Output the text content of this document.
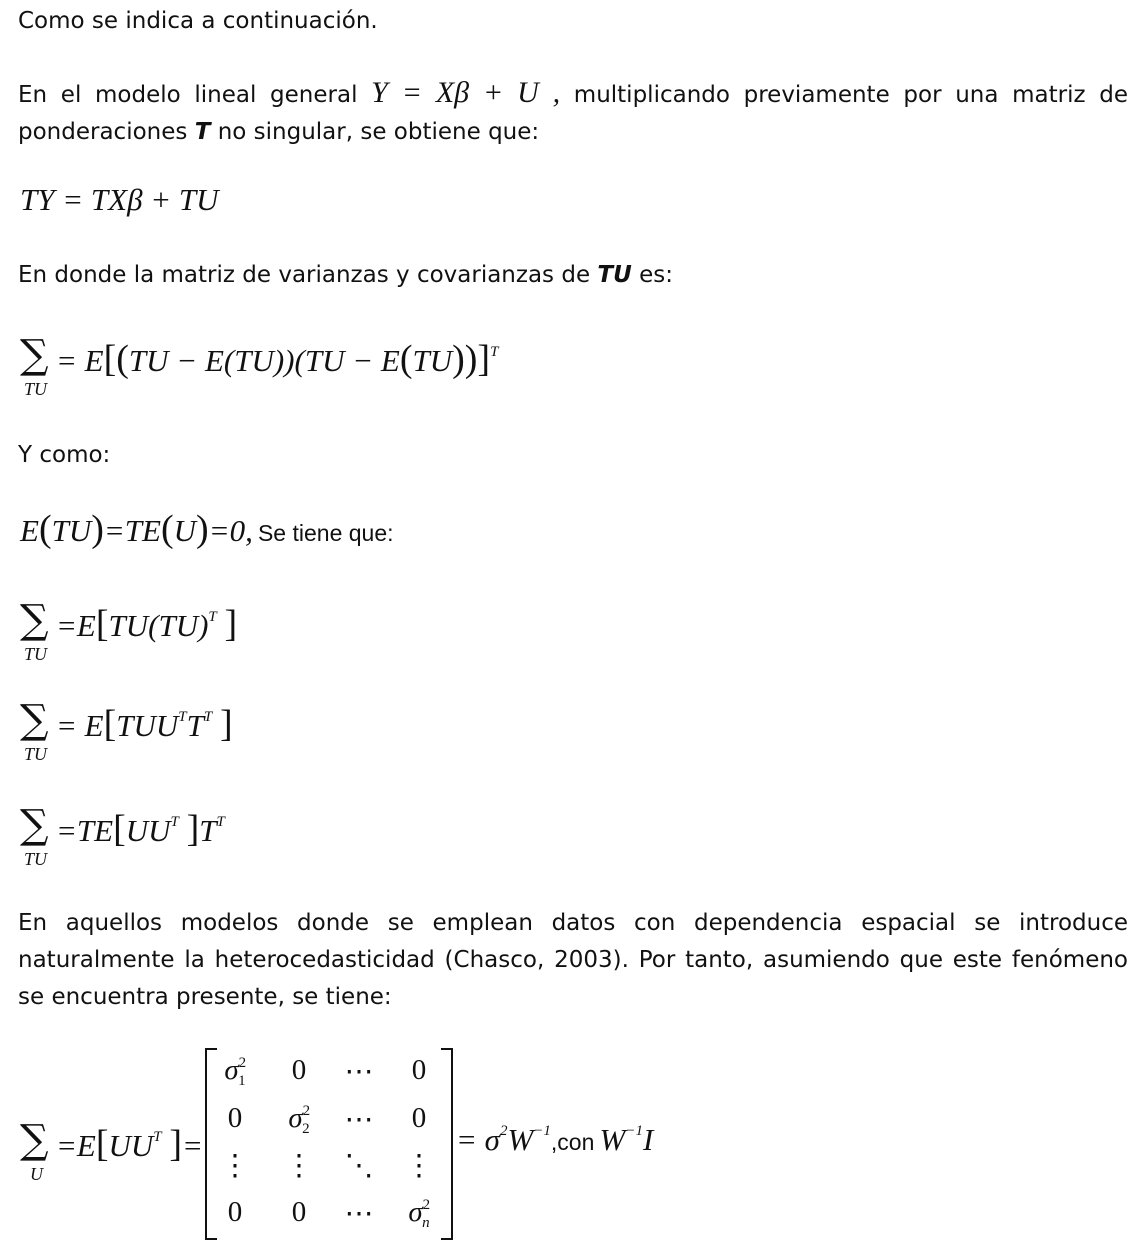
Como se indica a continuación.

En el modelo lineal general Y = Xβ + U , multiplicando previamente por una matriz de ponderaciones T no singular, se obtiene que:

TY = TXβ + TU

En donde la matriz de varianzas y covarianzas de TU es:

∑
TU
= $E[(TU - E(TU))(TU - E(TU))]^T$

Y como:

E(TU)=TE(U)=0, Se tiene que:
∑
TU
=E[TU(TU)$^T$ ]
∑
TU
= $E[TUU^TT^T$ ]
∑
TU
$=TE[UU^T$ ]$T^T$

En aquellos modelos donde se emplean datos con dependencia espacial se introduce naturalmente la heterocedasticidad (Chasco, 2003). Por tanto, asumiendo que este fenómeno se encuentra presente, se tiene:

∑
U
$=E[UU^T$ ]=
$\sigma^2_1$	0	⋯	0
0	$\sigma^2_2$	⋯	0
⋮	⋮	⋱	⋮
0	0	⋯	$\sigma^2_n$
= $\sigma^2W^{-1},con$ $W^{-1}I$
